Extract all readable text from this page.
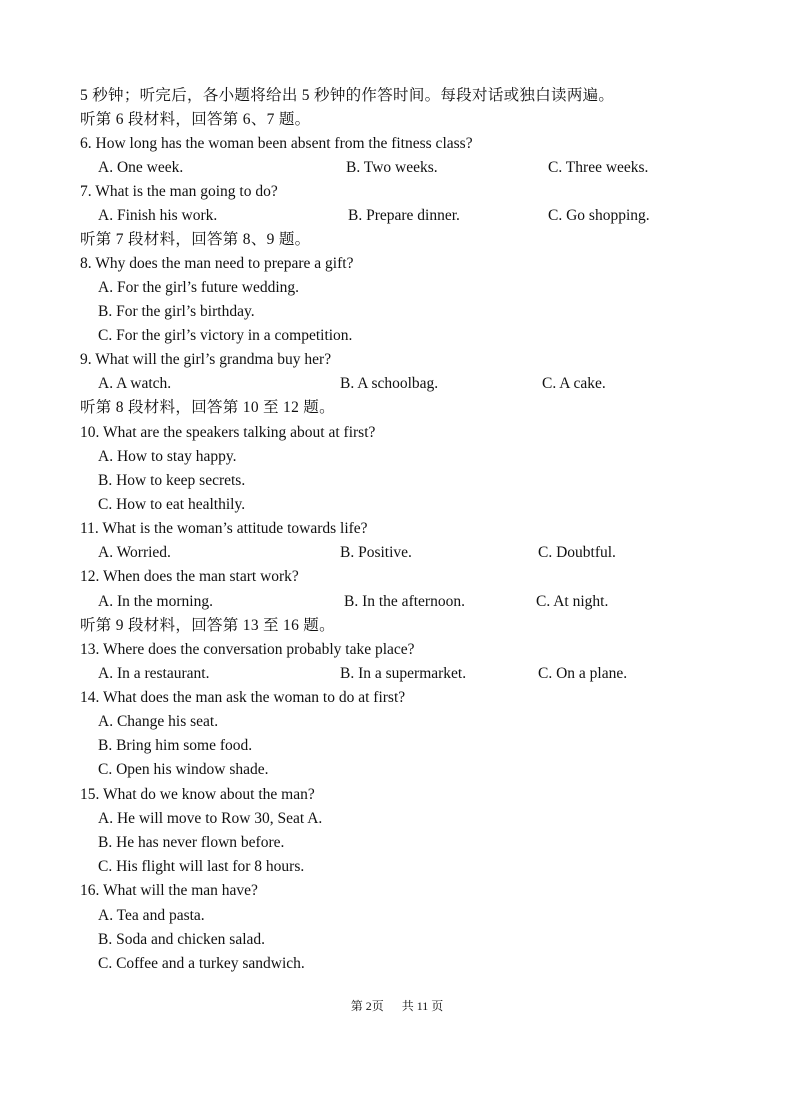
5 秒钟；听完后，各小题将给出 5 秒钟的作答时间。每段对话或独白读两遍。
听第 6 段材料，回答第 6、7 题。
6. How long has the woman been absent from the fitness class?
A. One week.	B. Two weeks.	C. Three weeks.
7. What is the man going to do?
A. Finish his work.	B. Prepare dinner.	C. Go shopping.
听第 7 段材料，回答第 8、9 题。
8. Why does the man need to prepare a gift?
A. For the girl’s future wedding.
B. For the girl’s birthday.
C. For the girl’s victory in a competition.
9. What will the girl’s grandma buy her?
A. A watch.	B. A schoolbag.	C. A cake.
听第 8 段材料，回答第 10 至 12 题。
10. What are the speakers talking about at first?
A. How to stay happy.
B. How to keep secrets.
C. How to eat healthily.
11. What is the woman’s attitude towards life?
A. Worried.	B. Positive.	C. Doubtful.
12. When does the man start work?
A. In the morning.	B. In the afternoon.	C. At night.
听第 9 段材料，回答第 13 至 16 题。
13. Where does the conversation probably take place?
A. In a restaurant.	B. In a supermarket.	C. On a plane.
14. What does the man ask the woman to do at first?
A. Change his seat.
B. Bring him some food.
C. Open his window shade.
15. What do we know about the man?
A. He will move to Row 30, Seat A.
B. He has never flown before.
C. His flight will last for 8 hours.
16. What will the man have?
A. Tea and pasta.
B. Soda and chicken salad.
C. Coffee and a turkey sandwich.
第 2页      共 11 页
